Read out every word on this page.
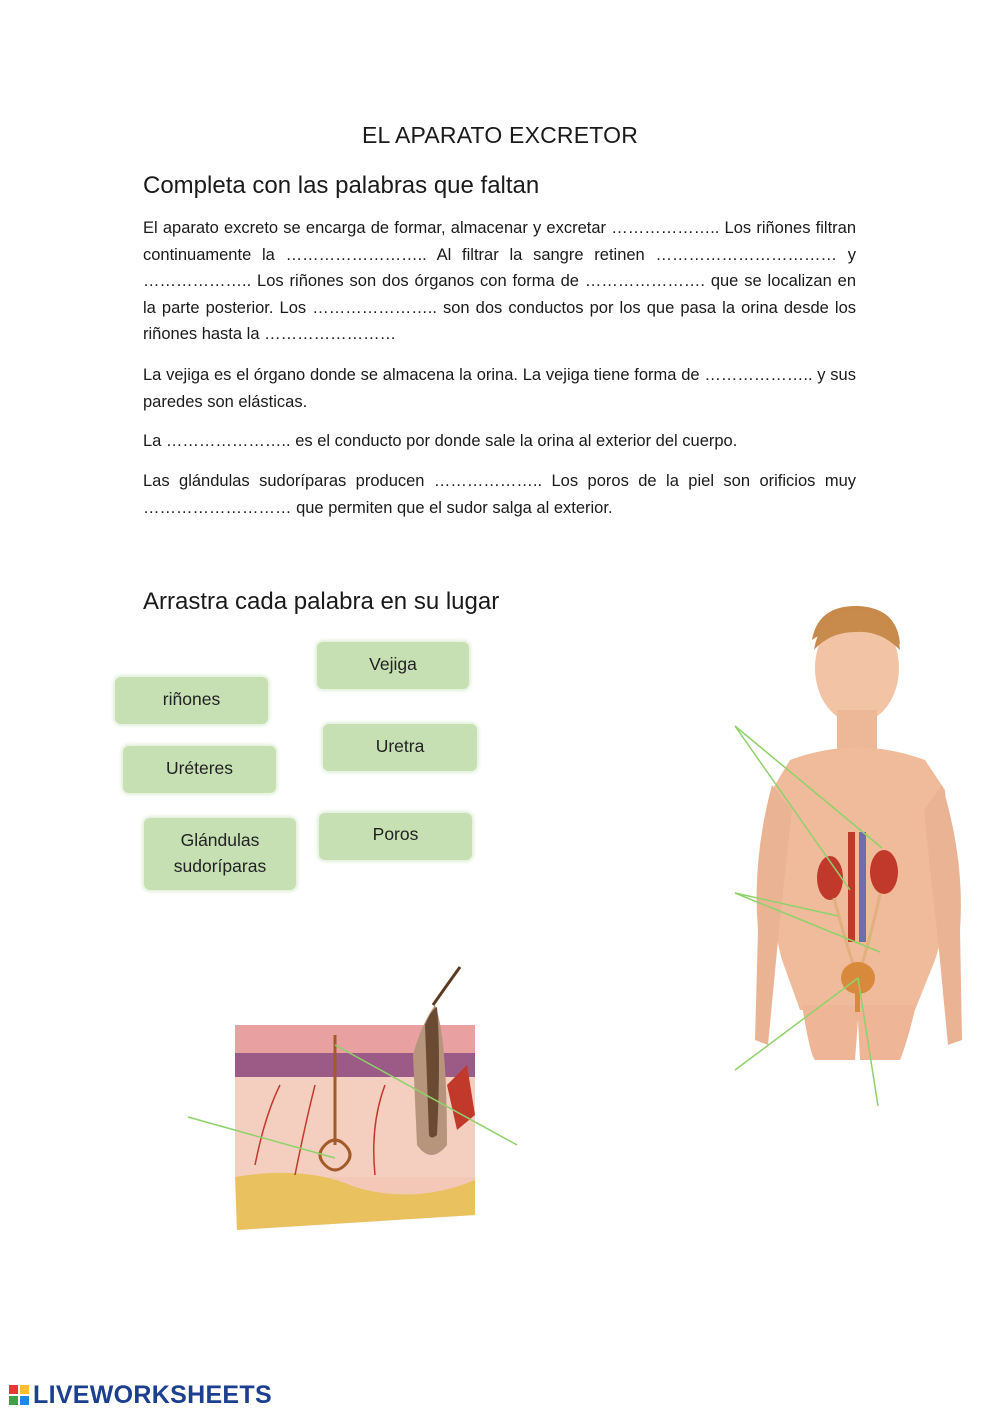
EL APARATO EXCRETOR
Completa con las palabras que faltan

El aparato excreto se encarga de formar, almacenar y excretar ……………….. Los riñones filtran continuamente la …………………….. Al filtrar la sangre retinen …………………………… y ……………….. Los riñones son dos órganos con forma de …………………. que se localizan en la parte posterior. Los ………………….. son dos conductos por los que pasa la orina desde los riñones hasta la ……………………

La vejiga es el órgano donde se almacena la orina. La vejiga tiene forma de ……………….. y sus paredes son elásticas.

La ………………….. es el conducto por donde sale la orina al exterior del cuerpo.

Las glándulas sudoríparas producen ……………….. Los poros de la piel son orificios muy ……………………… que permiten que el sudor salga al exterior.

Arrastra cada palabra en su lugar
Vejiga
riñones
Uretra
Uréteres
Poros
Glándulas
sudoríparas
LIVEWORKSHEETS
